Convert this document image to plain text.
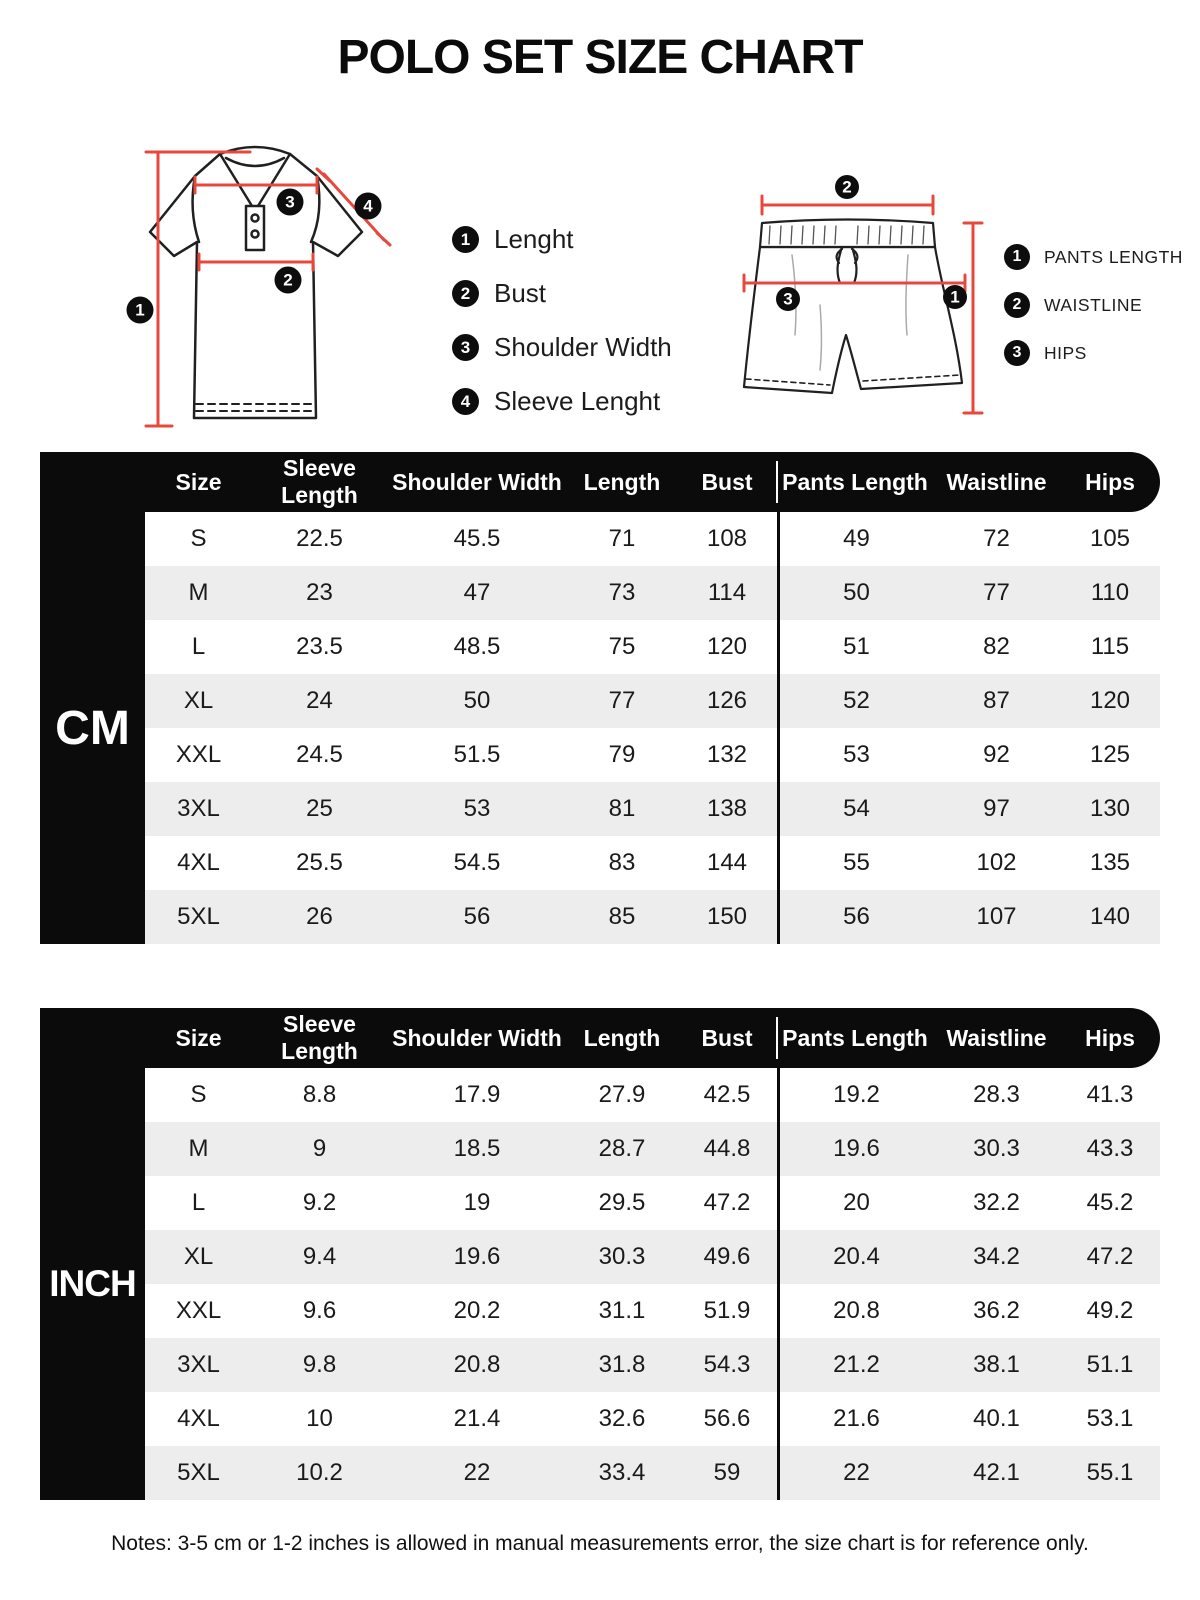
POLO SET SIZE CHART
1
2
3	4
1 Lenght
2 Bust
3 Shoulder Width
4 Sleeve Lenght
2
3	1
1	PANTS LENGTH
2	WAISTLINE
3	HIPS
	Size	Sleeve Length	Shoulder Width	Length	Bust	Pants Length	Waistline	Hips
	S	22.5	45.5	71	108	49	72	105
	M	23	47	73	114	50	77	110
	L	23.5	48.5	75	120	51	82	115
	XL	24	50	77	126	52	87	120
	XXL	24.5	51.5	79	132	53	92	125
	3XL	25	53	81	138	54	97	130
	4XL	25.5	54.5	83	144	55	102	135
	5XL	26	56	85	150	56	107	140
CM
	Size	Sleeve Length	Shoulder Width	Length	Bust	Pants Length	Waistline	Hips
	S	8.8	17.9	27.9	42.5	19.2	28.3	41.3
	M	9	18.5	28.7	44.8	19.6	30.3	43.3
	L	9.2	19	29.5	47.2	20	32.2	45.2
	XL	9.4	19.6	30.3	49.6	20.4	34.2	47.2
	XXL	9.6	20.2	31.1	51.9	20.8	36.2	49.2
	3XL	9.8	20.8	31.8	54.3	21.2	38.1	51.1
	4XL	10	21.4	32.6	56.6	21.6	40.1	53.1
	5XL	10.2	22	33.4	59	22	42.1	55.1
INCH
Notes: 3-5 cm or 1-2 inches is allowed in manual measurements error, the size chart is for reference only.
